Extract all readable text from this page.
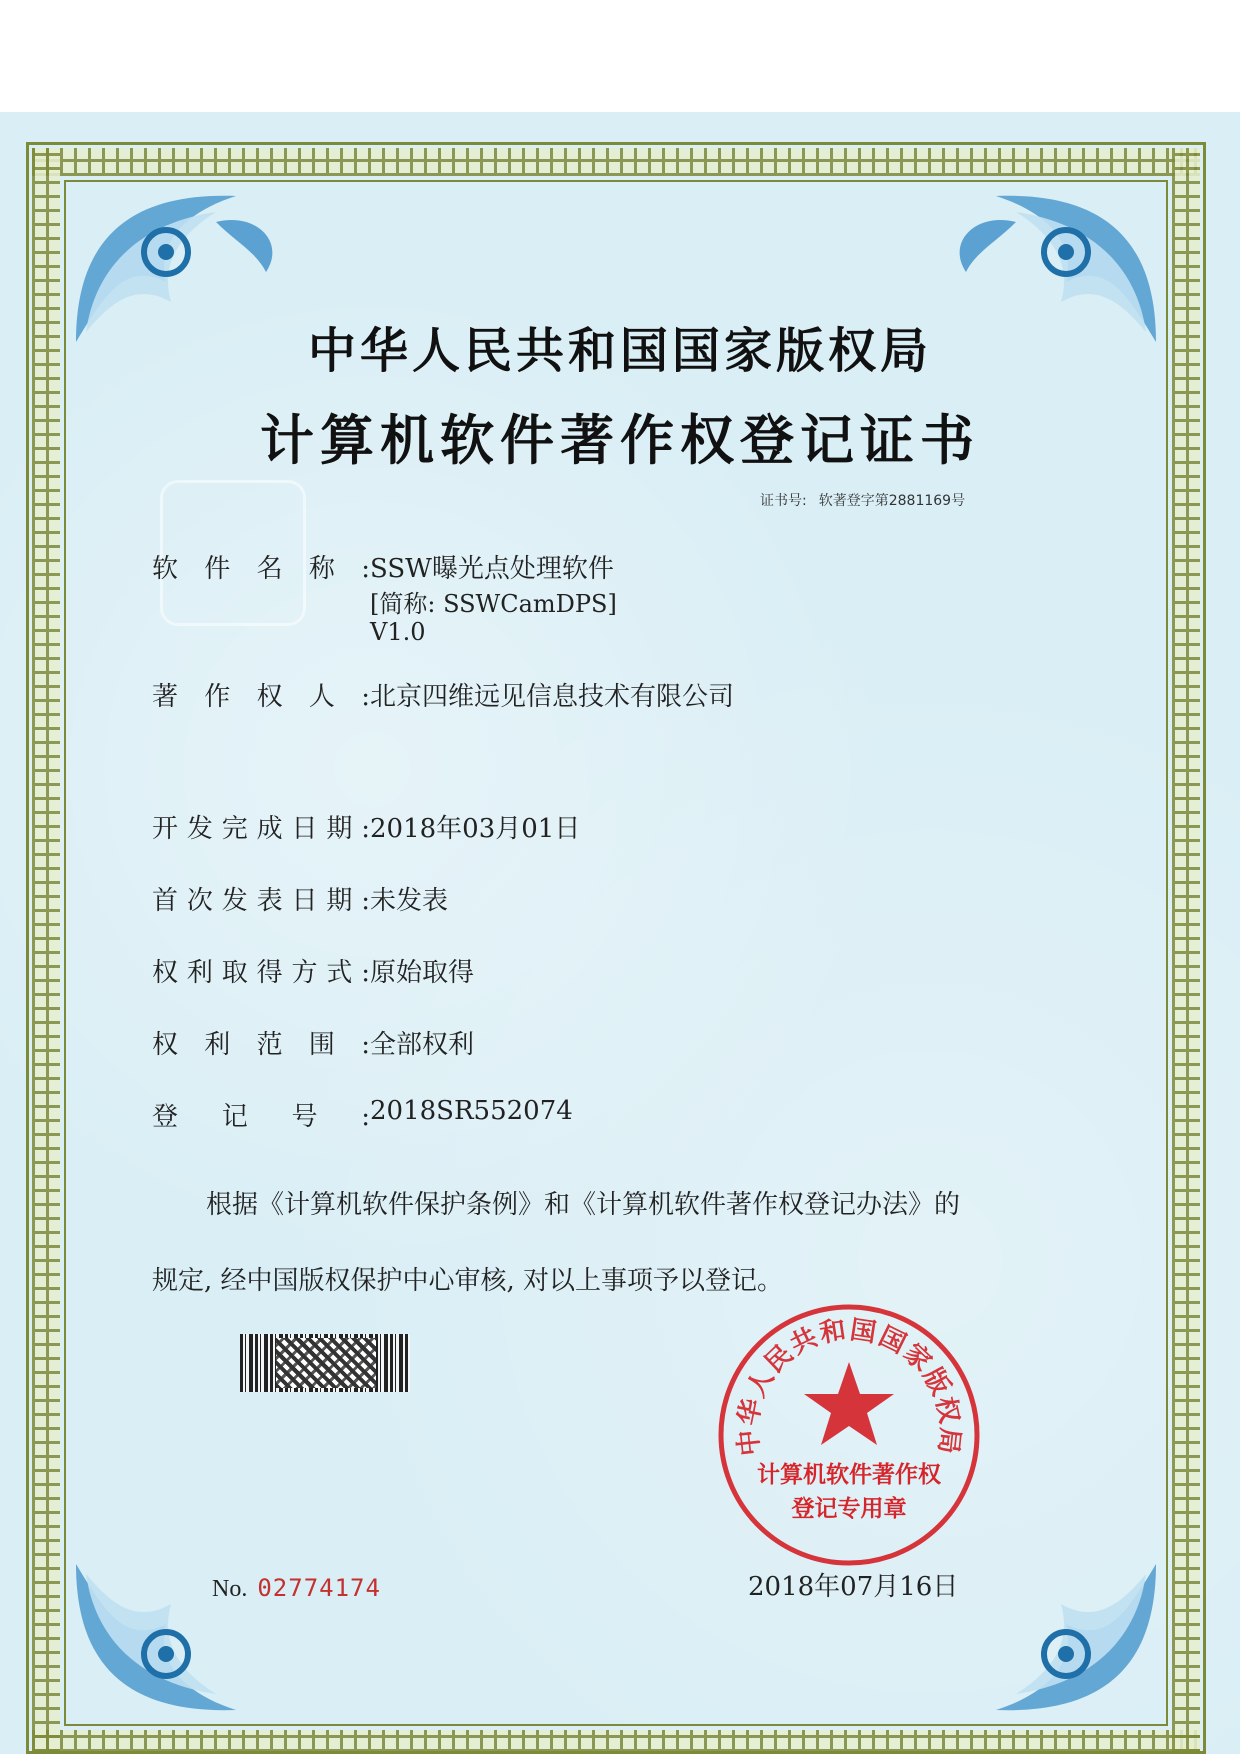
中华人民共和国国家版权局
计算机软件著作权登记证书
证书号: 软著登字第2881169号
软件名称:SSW曝光点处理软件
[简称: SSWCamDPS]
V1.0
著作权人:北京四维远见信息技术有限公司
开发完成日期:2018年03月01日
首次发表日期:未发表
权利取得方式:原始取得
权利范围:全部权利
登记号:2018SR552074
根据《计算机软件保护条例》和《计算机软件著作权登记办法》的
规定, 经中国版权保护中心审核, 对以上事项予以登记。
中华人民共和国国家版权局
计算机软件著作权
登记专用章
No. 02774174	2018年07月16日
